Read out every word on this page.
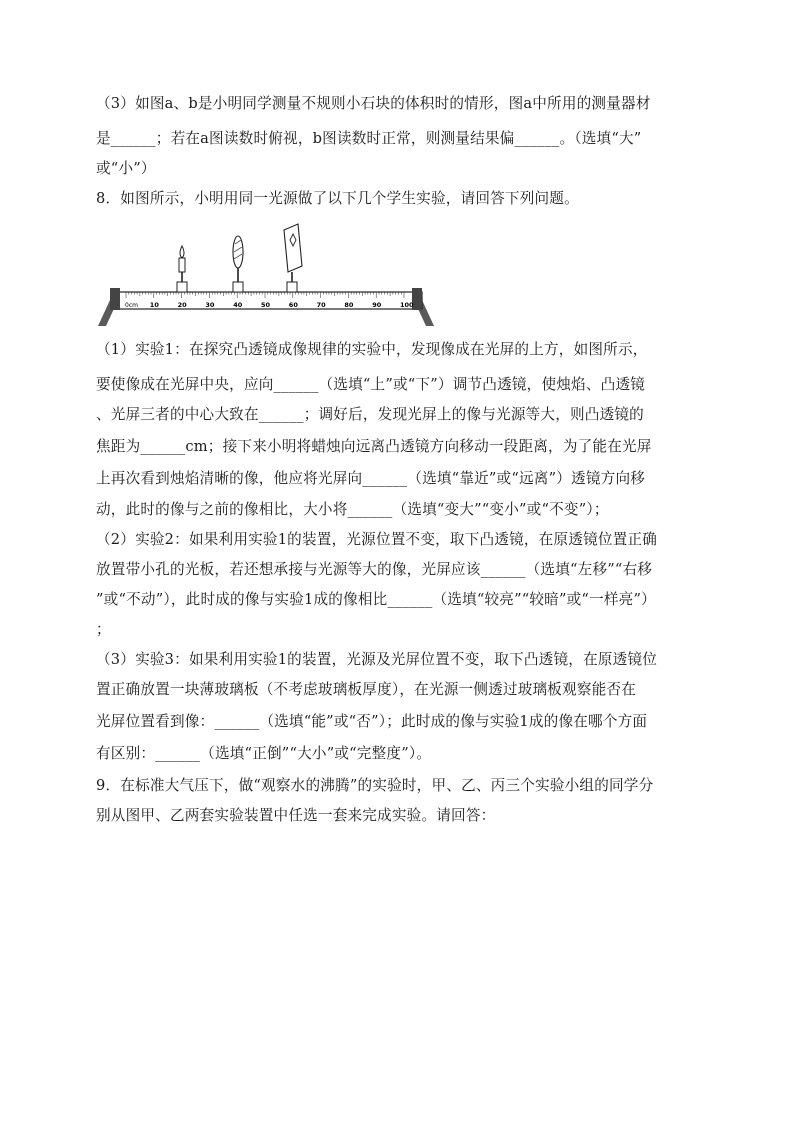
（3）如图a、b是小明同学测量不规则小石块的体积时的情形，图a中所用的测量器材
是______；若在a图读数时俯视，b图读数时正常，则测量结果偏______。（选填“大”
或“小”）
8．如图所示，小明用同一光源做了以下几个学生实验，请回答下列问题。
0cm 10	20	30	40	50	60	70	80	90	100
（1）实验1：在探究凸透镜成像规律的实验中，发现像成在光屏的上方，如图所示，
要使像成在光屏中央，应向______（选填“上”或“下”）调节凸透镜，使烛焰、凸透镜
、光屏三者的中心大致在______；调好后，发现光屏上的像与光源等大，则凸透镜的
焦距为______cm；接下来小明将蜡烛向远离凸透镜方向移动一段距离，为了能在光屏
上再次看到烛焰清晰的像，他应将光屏向______（选填“靠近”或“远离”）透镜方向移
动，此时的像与之前的像相比，大小将______（选填“变大”“变小”或“不变”）；
（2）实验2：如果利用实验1的装置，光源位置不变，取下凸透镜，在原透镜位置正确
放置带小孔的光板，若还想承接与光源等大的像，光屏应该______（选填“左移”“右移
”或“不动”），此时成的像与实验1成的像相比______（选填“较亮”“较暗”或“一样亮”）
；
（3）实验3：如果利用实验1的装置，光源及光屏位置不变，取下凸透镜，在原透镜位
置正确放置一块薄玻璃板（不考虑玻璃板厚度），在光源一侧透过玻璃板观察能否在
光屏位置看到像：______（选填“能”或“否”）；此时成的像与实验1成的像在哪个方面
有区别：______（选填“正倒”“大小”或“完整度”）。
9．在标准大气压下，做“观察水的沸腾”的实验时，甲、乙、丙三个实验小组的同学分
别从图甲、乙两套实验装置中任选一套来完成实验。请回答：
